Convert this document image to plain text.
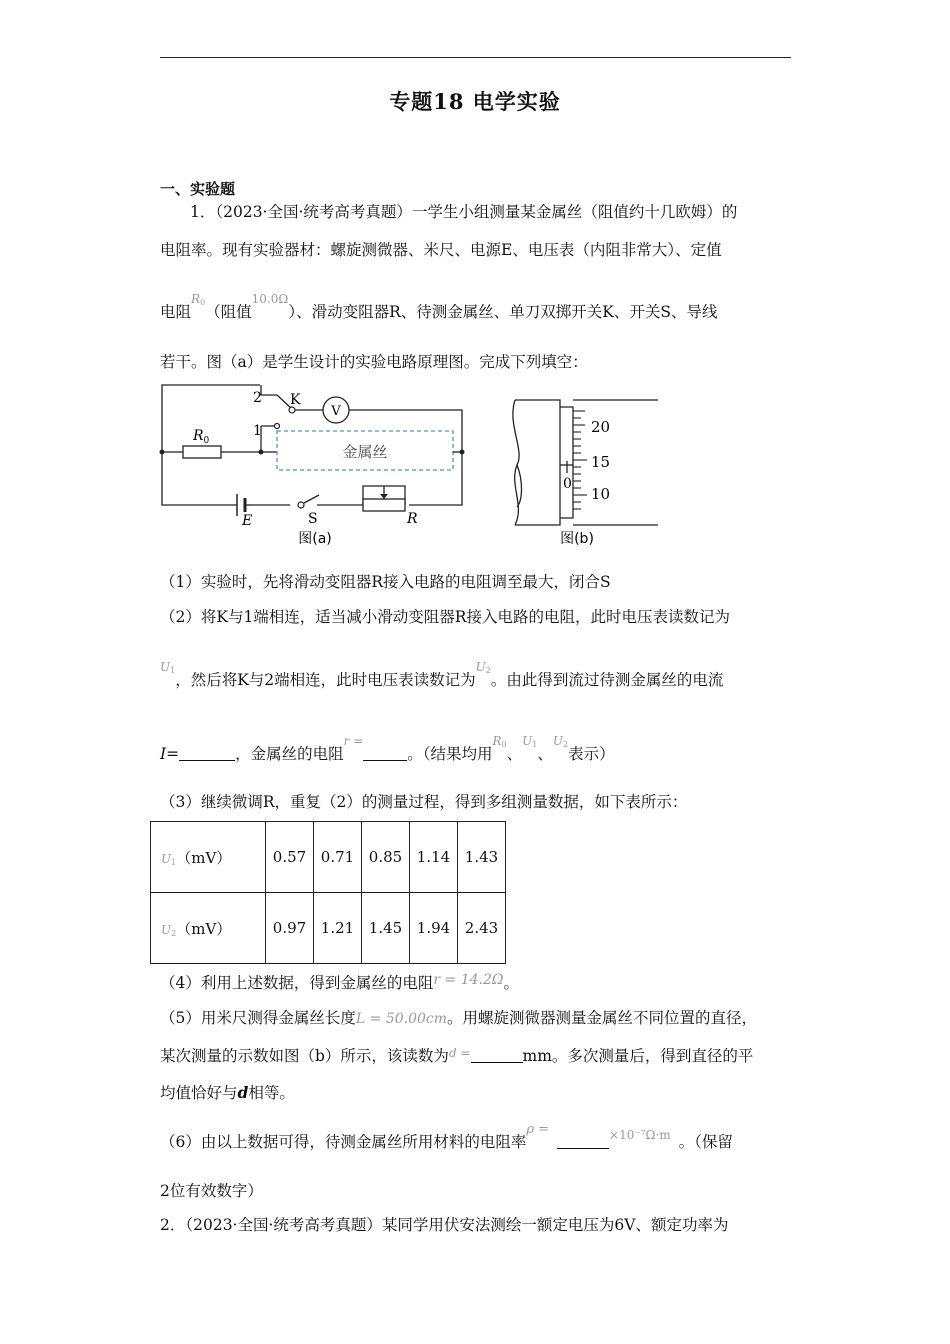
专题18 电学实验
一、实验题
1．（2023·全国·统考高考真题）一学生小组测量某金属丝（阻值约十几欧姆）的
电阻率。现有实验器材：螺旋测微器、米尺、电源E、电压表（内阻非常大）、定值
电阻$^{R_0}$（阻值$^{10.0\Omega}$）、滑动变阻器R、待测金属丝、单刀双掷开关K、开关S、导线
若干。图（a）是学生设计的实验电路原理图。完成下列填空：
2
1
K
V
$R_0$
金属丝
E	S	R
图(a)
20
15
10
0
图(b)
（1）实验时，先将滑动变阻器R接入电路的电阻调至最大，闭合S
（2）将K与1端相连，适当减小滑动变阻器R接入电路的电阻，此时电压表读数记为
$^{U_1}$，然后将K与2端相连，此时电压表读数记为$^{U_2}$。由此得到流过待测金属丝的电流
I=	，金属丝的电阻$^{r =}$。（结果均用$^{R_0}$、$^{U_1}$、$^{U_2}$表示）
（3）继续微调R，重复（2）的测量过程，得到多组测量数据，如下表所示：
$U_1(mV)$	0.57	0.71	0.85	1.14	1.43
$U_2(mV)$	0.97	1.21	1.45	1.94	2.43
（4）利用上述数据，得到金属丝的电阻r = 14.2Ω。
（5）用米尺测得金属丝长度L = 50.00cm。用螺旋测微器测量金属丝不同位置的直径，
某次测量的示数如图（b）所示，该读数为$^{d =}$	mm。多次测量后，得到直径的平
均值恰好与d相等。
（6）由以上数据可得，待测金属丝所用材料的电阻率$^{\rho =}$	$^{\times 10^{-7}\Omega\cdot m}$ 。（保留
2位有效数字）
2．（2023·全国·统考高考真题）某同学用伏安法测绘一额定电压为6V、额定功率为
